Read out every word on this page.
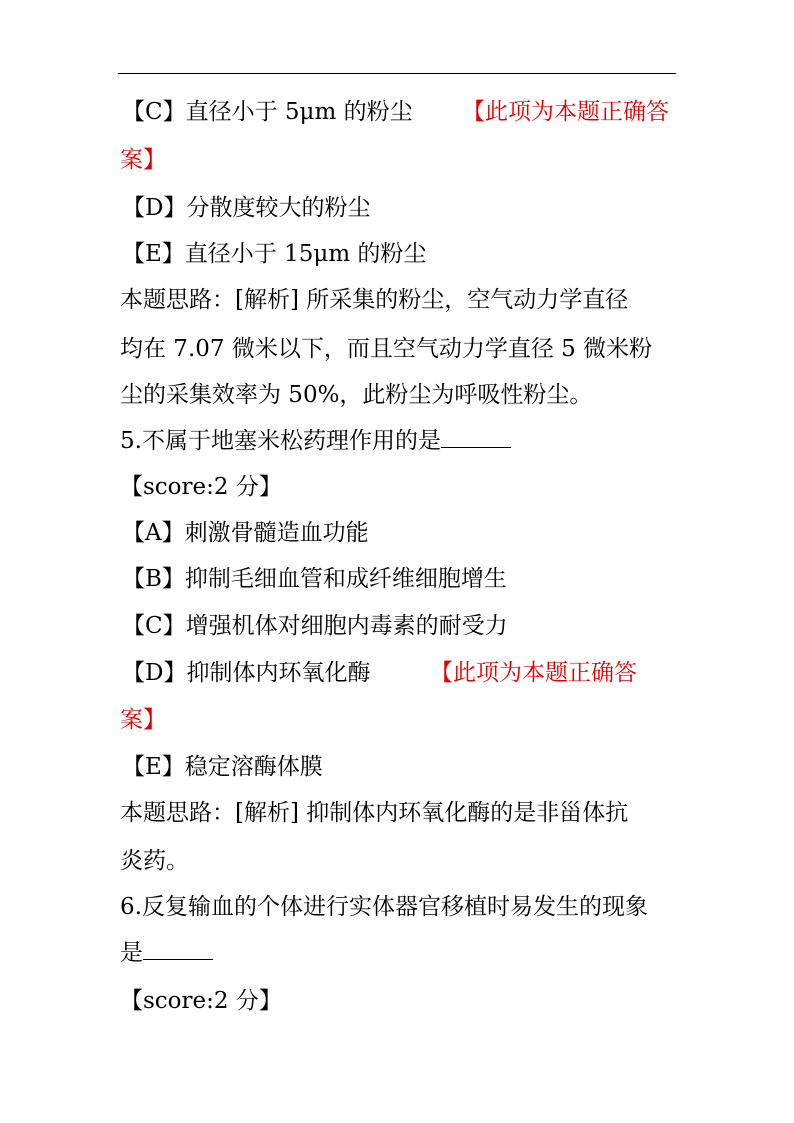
【C】直径小于 5μm 的粉尘 【此项为本题正确答
案】
【D】分散度较大的粉尘
【E】直径小于 15μm 的粉尘
本题思路：[解析] 所采集的粉尘，空气动力学直径
均在 7.07 微米以下，而且空气动力学直径 5 微米粉
尘的采集效率为 50%，此粉尘为呼吸性粉尘。
5.不属于地塞米松药理作用的是
【score:2 分】
【A】刺激骨髓造血功能
【B】抑制毛细血管和成纤维细胞增生
【C】增强机体对细胞内毒素的耐受力
【D】抑制体内环氧化酶	【此项为本题正确答
案】
【E】稳定溶酶体膜
本题思路：[解析] 抑制体内环氧化酶的是非甾体抗
炎药。
6.反复输血的个体进行实体器官移植时易发生的现象
是
【score:2 分】
